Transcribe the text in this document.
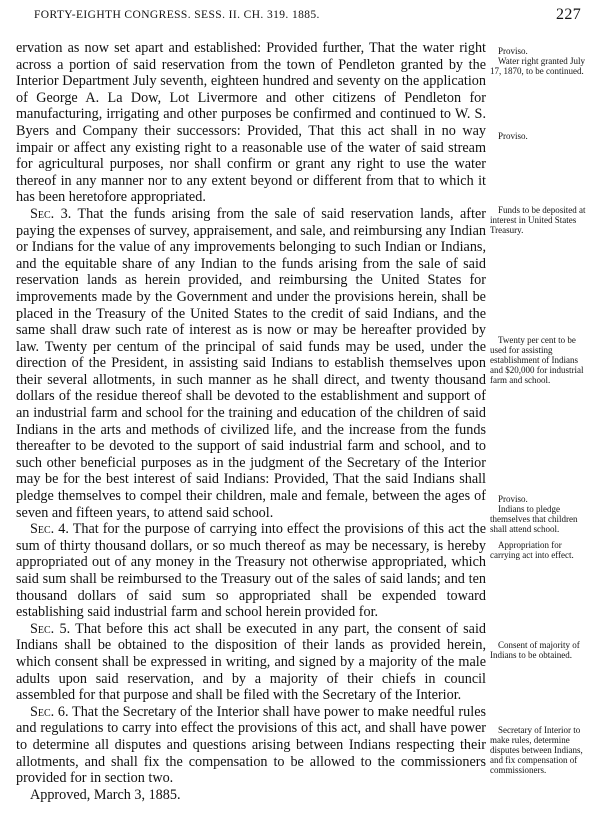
FORTY-EIGHTH CONGRESS. SESS. II. CH. 319. 1885.	227

ervation as now set apart and established: Provided further, That the water right across a portion of said reservation from the town of Pendleton granted by the Interior Department July seventh, eighteen hundred and seventy on the application of George A. La Dow, Lot Livermore and other citizens of Pendleton for manufacturing, irrigating and other purposes be confirmed and continued to W. S. Byers and Company their successors: Provided, That this act shall in no way impair or affect any existing right to a reasonable use of the water of said stream for agricultural purposes, nor shall confirm or grant any right to use the water thereof in any manner nor to any extent beyond or different from that to which it has been heretofore appropriated.

Sec. 3. That the funds arising from the sale of said reservation lands, after paying the expenses of survey, appraisement, and sale, and reimbursing any Indian or Indians for the value of any improvements belonging to such Indian or Indians, and the equitable share of any Indian to the funds arising from the sale of said reservation lands as herein provided, and reimbursing the United States for improvements made by the Government and under the provisions herein, shall be placed in the Treasury of the United States to the credit of said Indians, and the same shall draw such rate of interest as is now or may be hereafter provided by law. Twenty per centum of the principal of said funds may be used, under the direction of the President, in assisting said Indians to establish themselves upon their several allotments, in such manner as he shall direct, and twenty thousand dollars of the residue thereof shall be devoted to the establishment and support of an industrial farm and school for the training and education of the children of said Indians in the arts and methods of civilized life, and the increase from the funds thereafter to be devoted to the support of said industrial farm and school, and to such other beneficial purposes as in the judgment of the Secretary of the Interior may be for the best interest of said Indians: Provided, That the said Indians shall pledge themselves to compel their children, male and female, between the ages of seven and fifteen years, to attend said school.

Sec. 4. That for the purpose of carrying into effect the provisions of this act the sum of thirty thousand dollars, or so much thereof as may be necessary, is hereby appropriated out of any money in the Treasury not otherwise appropriated, which said sum shall be reimbursed to the Treasury out of the sales of said lands; and ten thousand dollars of said sum so appropriated shall be expended toward establishing said industrial farm and school herein provided for.

Sec. 5. That before this act shall be executed in any part, the consent of said Indians shall be obtained to the disposition of their lands as provided herein, which consent shall be expressed in writing, and signed by a majority of the male adults upon said reservation, and by a majority of their chiefs in council assembled for that purpose and shall be filed with the Secretary of the Interior.

Sec. 6. That the Secretary of the Interior shall have power to make needful rules and regulations to carry into effect the provisions of this act, and shall have power to determine all disputes and questions arising between Indians respecting their allotments, and shall fix the compensation to be allowed to the commissioners provided for in section two.

Approved, March 3, 1885.

Proviso.
Water right granted July 17, 1870, to be continued.
Proviso.
Funds to be deposited at interest in United States Treasury.
Twenty per cent to be used for assisting establishment of Indians and $20,000 for industrial farm and school.
Proviso.
Indians to pledge themselves that children shall attend school.
Appropriation for carrying act into effect.
Consent of majority of Indians to be obtained.
Secretary of Interior to make rules, determine disputes between Indians, and fix compensation of commissioners.
